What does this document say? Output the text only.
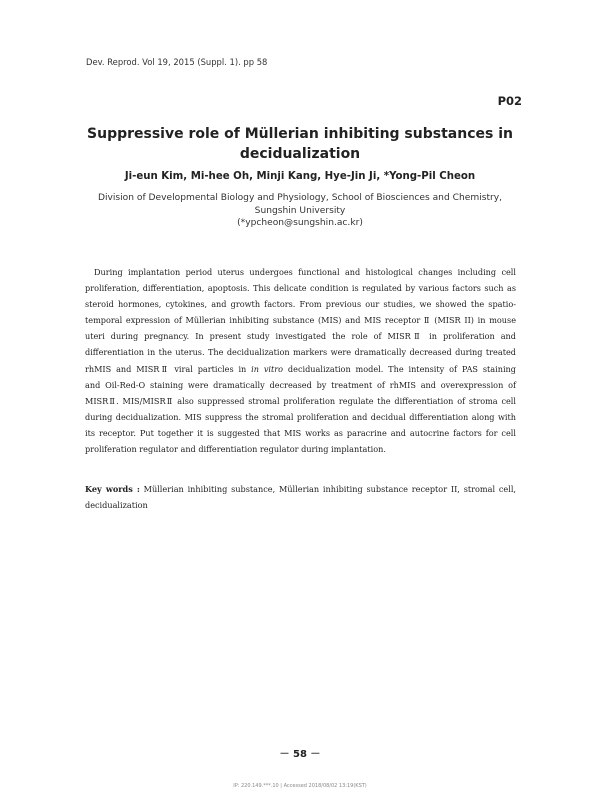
Dev. Reprod. Vol 19, 2015 (Suppl. 1). pp 58
P02
Suppressive role of Müllerian inhibiting substances in
decidualization
Ji-eun Kim, Mi-hee Oh, Minji Kang, Hye-Jin Ji, *Yong-Pil Cheon
Division of Developmental Biology and Physiology, School of Biosciences and Chemistry,
Sungshin University
(*ypcheon@sungshin.ac.kr)
During implantation period uterus undergoes functional and histological changes including cell
proliferation, differentiation, apoptosis. This delicate condition is regulated by various factors such as
steroid hormones, cytokines, and growth factors. From previous our studies, we showed the spatio-
temporal expression of Müllerian inhibiting substance (MIS) and MIS receptor Ⅱ (MISR II) in mouse
uteri during pregnancy. In present study investigated the role of MISRⅡ in proliferation and
differentiation in the uterus. The decidualization markers were dramatically decreased during treated
rhMIS and MISRⅡ viral particles in in vitro decidualization model. The intensity of PAS staining
and Oil-Red-O staining were dramatically decreased by treatment of rhMIS and overexpression of
MISRⅡ. MIS/MISRⅡ also suppressed stromal proliferation regulate the differentiation of stroma cell
during decidualization. MIS suppress the stromal proliferation and decidual differentiation along with
its receptor. Put together it is suggested that MIS works as paracrine and autocrine factors for cell
proliferation regulator and differentiation regulator during implantation.
Key words : Müllerian inhibiting substance, Müllerian inhibiting substance receptor II, stromal cell,
decidualization
－ 58 －
IP: 220.149.***.10 | Accessed 2018/08/02 13:19(KST)
